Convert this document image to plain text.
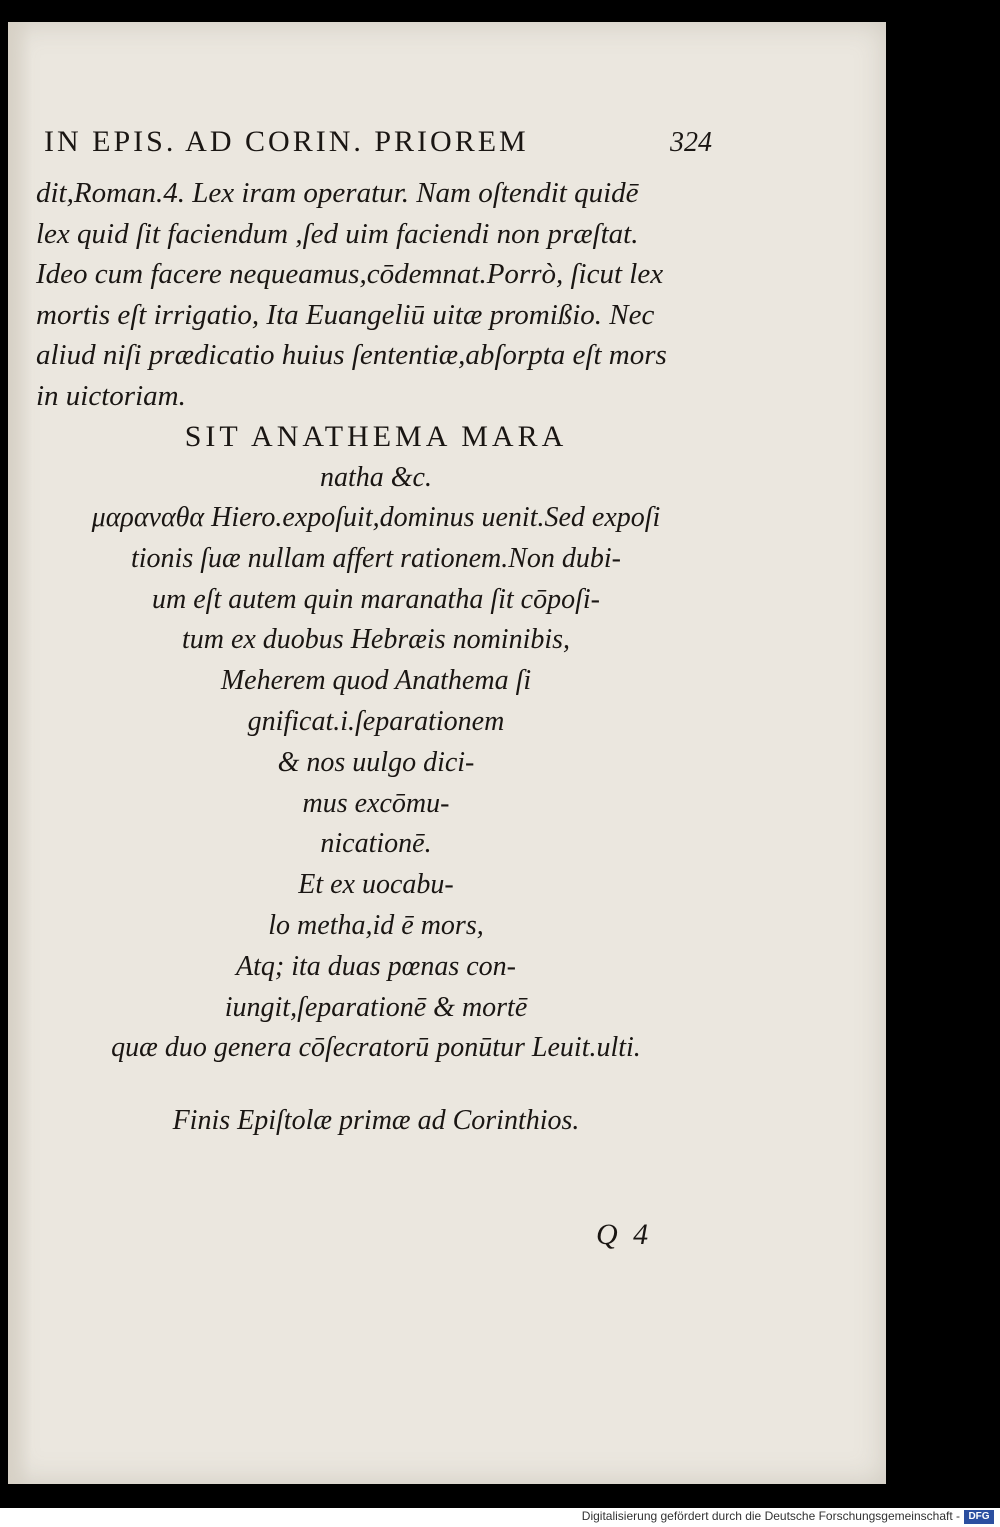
IN EPIS. AD CORIN. PRIOREM	324
dit,Roman.4. Lex iram operatur. Nam oſtendit quidē
lex quid ſit faciendum ,ſed uim faciendi non præſtat.
Ideo cum facere nequeamus,cōdemnat.Porrò, ſicut lex
mortis eſt irrigatio, Ita Euangeliū uitæ promißio. Nec
aliud niſi prædicatio huius ſententiæ,abſorpta eſt mors
in uictoriam.
SIT ANATHEMA MARA
natha &c.
μαραναθα Hiero.expoſuit,dominus uenit.Sed expoſi
tionis ſuæ nullam affert rationem.Non dubi-
um eſt autem quin maranatha ſit cōpoſi-
tum ex duobus Hebræis nominibis,
Meherem quod Anathema ſi
gnificat.i.ſeparationem
& nos uulgo dici-
mus excōmu-
nicationē.
Et ex uocabu-
lo metha,id ē mors,
Atq; ita duas pœnas con-
iungit,ſeparationē & mortē
quæ duo genera cōſecratorū ponūtur Leuit.ulti.
Finis Epiſtolæ primæ ad Corinthios.
Q 4
Digitalisierung gefördert durch die Deutsche Forschungsgemeinschaft - DFG
